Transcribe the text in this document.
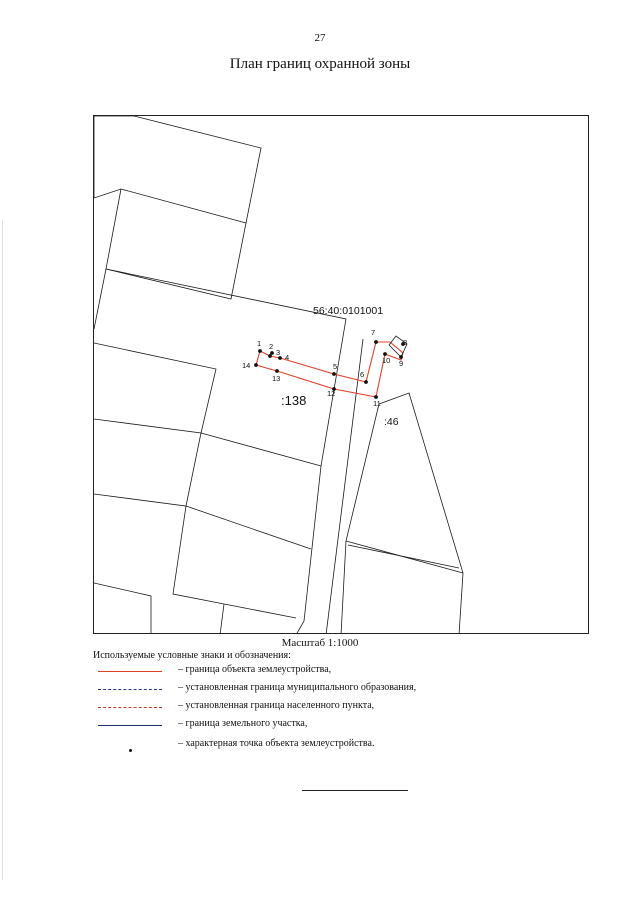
27
План границ охранной зоны
1 2
3
4
5
6
7
8
9
10
11
12
13
14
56:40:0101001
:138
:46
Масштаб 1:1000
Используемые условные знаки и обозначения:
– граница объекта землеустройства,
– установленная граница муниципального образования,
– установленная граница населенного пункта,
– граница земельного участка,
– характерная точка объекта землеустройства.
